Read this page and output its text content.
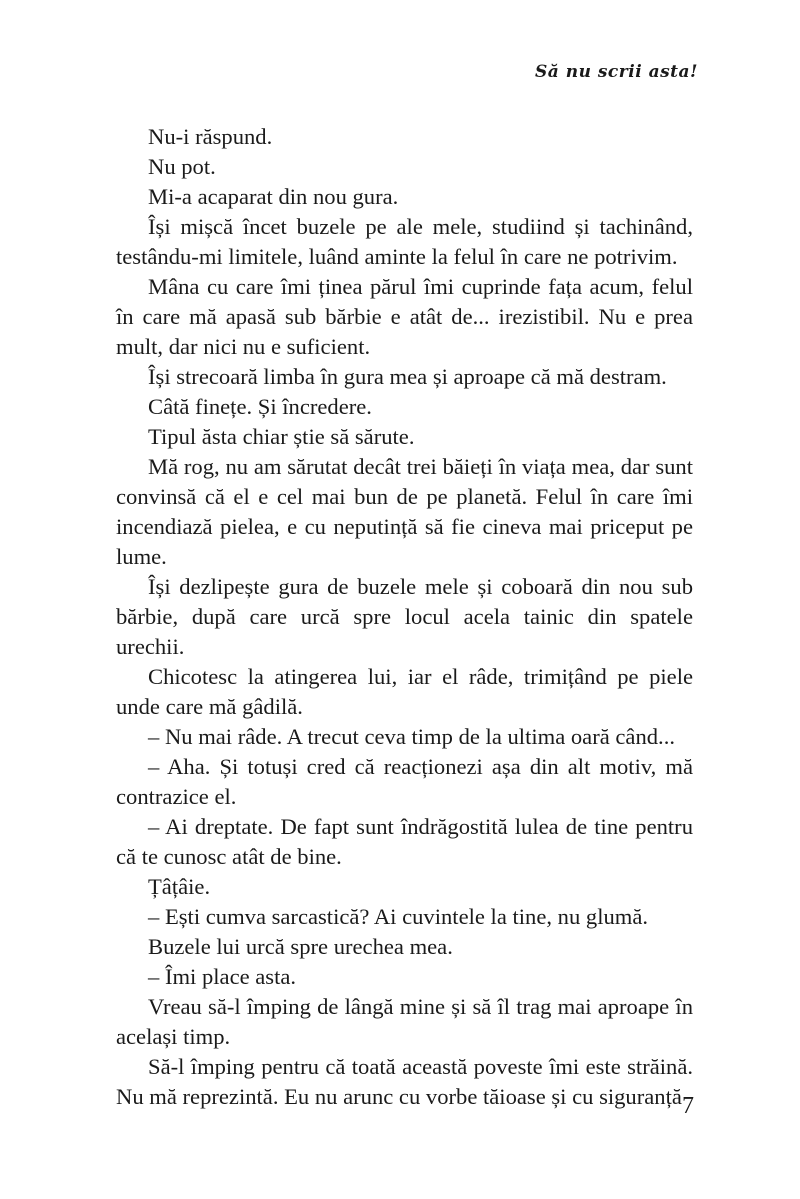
Să nu scrii asta!

Nu-i răspund.

Nu pot.

Mi-a acaparat din nou gura.

Își mișcă încet buzele pe ale mele, studiind și tachinând, testându-mi limitele, luând aminte la felul în care ne potrivim.

Mâna cu care îmi ținea părul îmi cuprinde fața acum, felul în care mă apasă sub bărbie e atât de... irezistibil. Nu e prea mult, dar nici nu e suficient.

Își strecoară limba în gura mea și aproape că mă destram.

Câtă finețe. Și încredere.

Tipul ăsta chiar știe să sărute.

Mă rog, nu am sărutat decât trei băieți în viața mea, dar sunt convinsă că el e cel mai bun de pe planetă. Felul în care îmi incendiază pielea, e cu neputință să fie cineva mai priceput pe lume.

Își dezlipește gura de buzele mele și coboară din nou sub bărbie, după care urcă spre locul acela tainic din spatele urechii.

Chicotesc la atingerea lui, iar el râde, trimițând pe piele unde care mă gâdilă.

– Nu mai râde. A trecut ceva timp de la ultima oară când...

– Aha. Și totuși cred că reacționezi așa din alt motiv, mă contrazice el.

– Ai dreptate. De fapt sunt îndrăgostită lulea de tine pentru că te cunosc atât de bine.

Țâțâie.

– Ești cumva sarcastică? Ai cuvintele la tine, nu glumă.

Buzele lui urcă spre urechea mea.

– Îmi place asta.

Vreau să-l împing de lângă mine și să îl trag mai aproape în același timp.

Să-l împing pentru că toată această poveste îmi este străină. Nu mă reprezintă. Eu nu arunc cu vorbe tăioase și cu siguranță 7
